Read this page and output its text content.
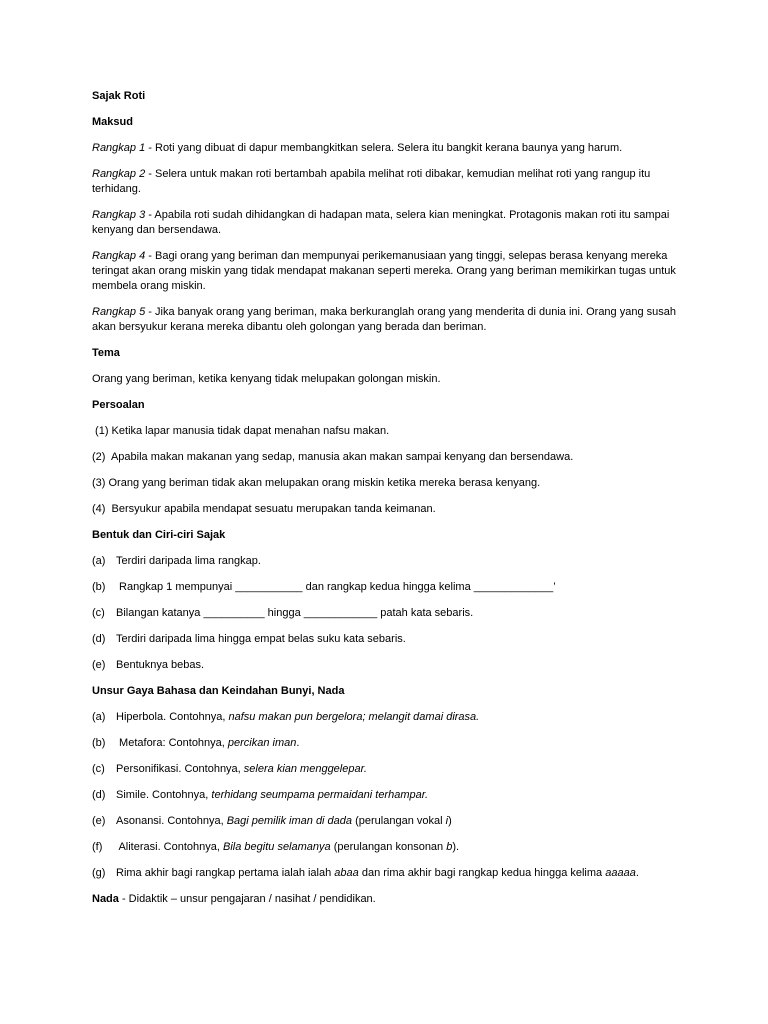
Sajak Roti

Maksud

Rangkap 1 - Roti yang dibuat di dapur membangkitkan selera. Selera itu bangkit kerana baunya yang harum.

Rangkap 2 - Selera untuk makan roti bertambah apabila melihat roti dibakar, kemudian melihat roti yang rangup itu terhidang.

Rangkap 3 - Apabila roti sudah dihidangkan di hadapan mata, selera kian meningkat. Protagonis makan roti itu sampai kenyang dan bersendawa.

Rangkap 4 - Bagi orang yang beriman dan mempunyai perikemanusiaan yang tinggi, selepas berasa kenyang mereka teringat akan orang miskin yang tidak mendapat makanan seperti mereka. Orang yang beriman memikirkan tugas untuk membela orang miskin.

Rangkap 5 - Jika banyak orang yang beriman, maka berkuranglah orang yang menderita di dunia ini. Orang yang susah akan bersyukur kerana mereka dibantu oleh golongan yang berada dan beriman.

Tema

Orang yang beriman, ketika kenyang tidak melupakan golongan miskin.

Persoalan

(1) Ketika lapar manusia tidak dapat menahan nafsu makan.

(2)  Apabila makan makanan yang sedap, manusia akan makan sampai kenyang dan bersendawa.

(3) Orang yang beriman tidak akan melupakan orang miskin ketika mereka berasa kenyang.

(4)  Bersyukur apabila mendapat sesuatu merupakan tanda keimanan.

Bentuk dan Ciri-ciri Sajak

(a) Terdiri daripada lima rangkap.

(b) Rangkap 1 mempunyai ___________ dan rangkap kedua hingga kelima _____________’

(c) Bilangan katanya __________ hingga ____________ patah kata sebaris.

(d) Terdiri daripada lima hingga empat belas suku kata sebaris.

(e) Bentuknya bebas.

Unsur Gaya Bahasa dan Keindahan Bunyi, Nada

(a) Hiperbola. Contohnya, nafsu makan pun bergelora; melangit damai dirasa.

(b) Metafora: Contohnya, percikan iman.

(c) Personifikasi. Contohnya, selera kian menggelepar.

(d) Simile. Contohnya, terhidang seumpama permaidani terhampar.

(e) Asonansi. Contohnya, Bagi pemilik iman di dada (perulangan vokal i)

(f) Aliterasi. Contohnya, Bila begitu selamanya (perulangan konsonan b).

(g) Rima akhir bagi rangkap pertama ialah ialah abaa dan rima akhir bagi rangkap kedua hingga kelima aaaaa.

Nada - Didaktik – unsur pengajaran / nasihat / pendidikan.
